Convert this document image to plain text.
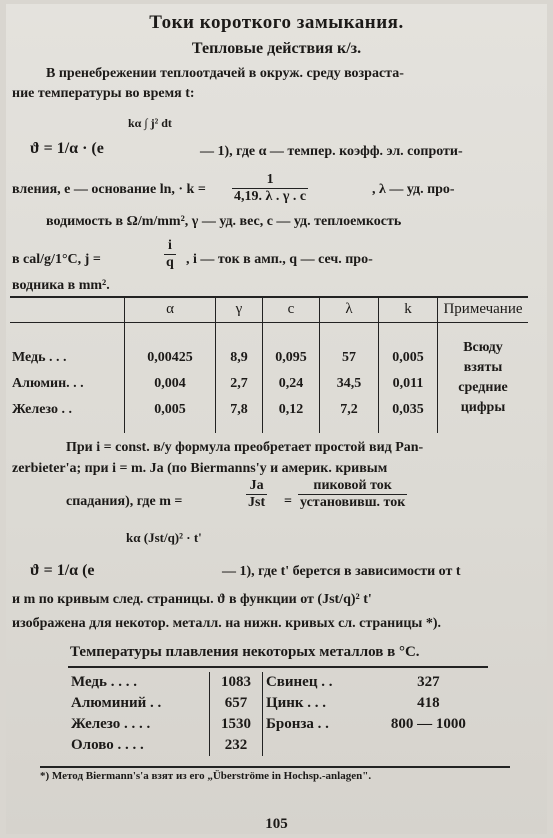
Токи короткого замыкания.
Тепловые действия к/з.
В пренебрежении теплоотдачей в окруж. среду возраста-
ние температуры во время t:
ϑ = 1/α · (e
kα ∫ j² dt
— 1), где α — темпер. коэфф. эл. сопроти-
вления, e — основание ln, · $k = \frac{1}{4,19. \lambda . \gamma . c}$	, λ — уд. про-
водимость в Ω/m/mm², γ — уд. вес, c — уд. теплоемкость
в cal/g/1°C, j =	$\frac{i}{q}$ , i — ток в амп., q — сеч. про-
водника в mm².
	α	γ	c	λ	k	Примечание
Медь . . .	0,00425	8,9	0,095	57	0,005	Всюду взяты средние цифры
Алюмин. . .	0,004	2,7	0,24	34,5	0,011	
Железо . .	0,005	7,8	0,12	7,2	0,035	
При i = const. в/у формула преобретает простой вид Pan-
zerbieter'a; при i = m. Ja (по Biermanns'у и америк. кривым
спадания), где m =	$\frac{Ja}{\text{Jst}} = \frac{\text{пиковой ток}}{\text{установивш. ток}}$
ϑ = 1/α (e
kα (Jst/q)² · t'
— 1), где t' берется в зависимости от t
и m по кривым след. страницы. ϑ в функции от (Jst/q)² t'
изображена для некотор. металл. на нижн. кривых сл. страницы *).
Температуры плавления некоторых металлов в °C.
Медь . . . .	1083	Свинец . .	327
Алюминий . .	657	Цинк . . .	418
Железо . . . .	1530	Бронза . .	800 — 1000
Олово . . . .	232		
*) Метод Biermann's'a взят из его „Überströme in Hochsp.-anlagen".
105
